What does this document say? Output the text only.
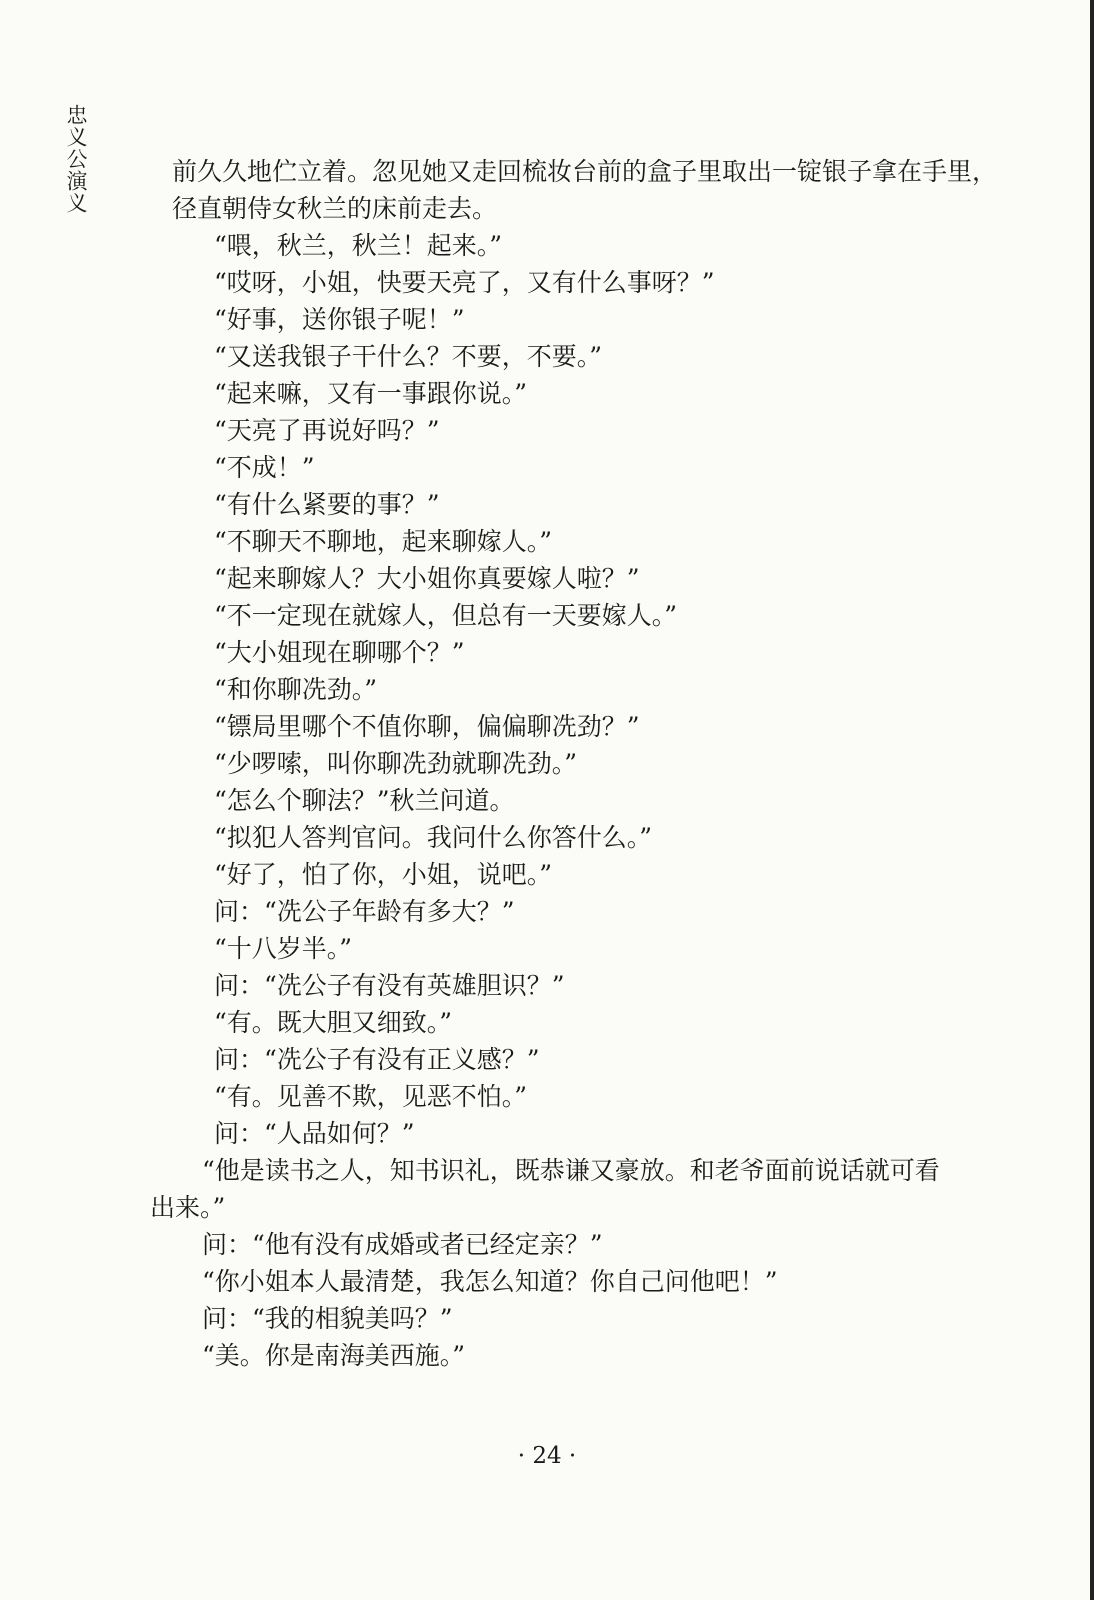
忠义公演义	前久久地伫立着。忽见她又走回梳妆台前的盒子里取出一锭银子拿在手里，

径直朝侍女秋兰的床前走去。

“喂，秋兰，秋兰！起来。”

“哎呀，小姐，快要天亮了，又有什么事呀？”

“好事，送你银子呢！”

“又送我银子干什么？不要，不要。”

“起来嘛，又有一事跟你说。”

“天亮了再说好吗？”

“不成！”

“有什么紧要的事？”

“不聊天不聊地，起来聊嫁人。”

“起来聊嫁人？大小姐你真要嫁人啦？”

“不一定现在就嫁人，但总有一天要嫁人。”

“大小姐现在聊哪个？”

“和你聊冼劲。”

“镖局里哪个不值你聊，偏偏聊冼劲？”

“少啰嗦，叫你聊冼劲就聊冼劲。”

“怎么个聊法？”秋兰问道。

“拟犯人答判官问。我问什么你答什么。”

“好了，怕了你，小姐，说吧。”

问：“冼公子年龄有多大？”

“十八岁半。”

问：“冼公子有没有英雄胆识？”

“有。既大胆又细致。”

问：“冼公子有没有正义感？”

“有。见善不欺，见恶不怕。”

问：“人品如何？”

“他是读书之人，知书识礼，既恭谦又豪放。和老爷面前说话就可看

出来。”

问：“他有没有成婚或者已经定亲？”

“你小姐本人最清楚，我怎么知道？你自己问他吧！”

问：“我的相貌美吗？”

“美。你是南海美西施。”

· 24 ·
